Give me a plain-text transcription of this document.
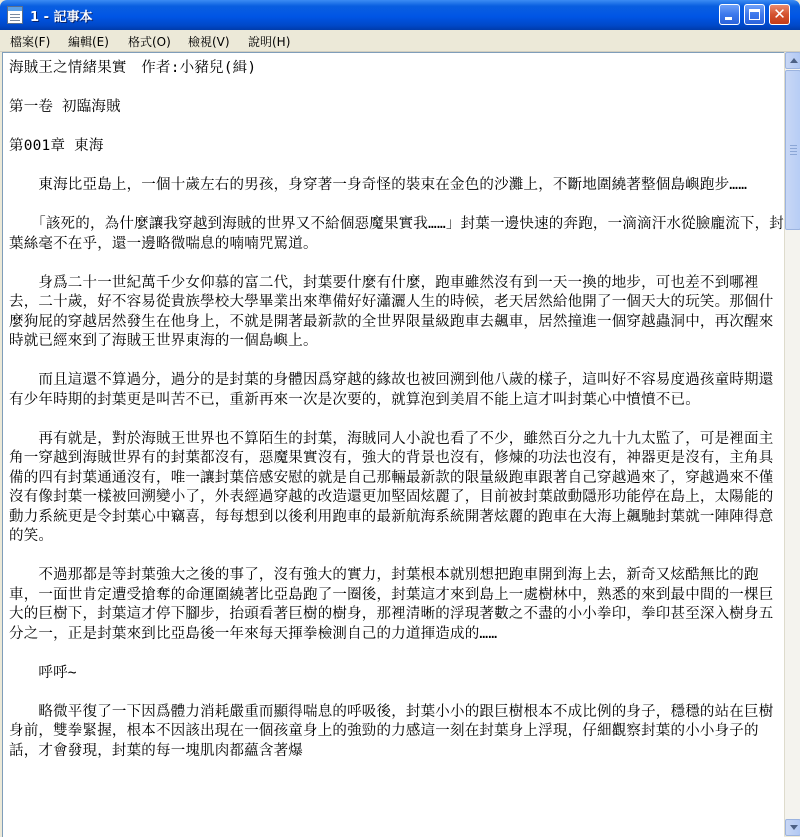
1 - 記事本	✕
檔案(F) 編輯(E) 格式(O) 檢視(V) 說明(H)

海賊王之情緒果實　作者:小豬兒(緝)

第一卷 初臨海賊

第001章 東海

　　東海比亞島上，一個十歲左右的男孩，身穿著一身奇怪的裝束在金色的沙灘上，不斷地圍繞著整個島嶼跑步……

　　「該死的，為什麼讓我穿越到海賊的世界又不給個惡魔果實我……」封葉一邊快速的奔跑，一滴滴汗水從臉龐流下，封葉絲毫不在乎，還一邊略微喘息的喃喃咒罵道。

　　身爲二十一世紀萬千少女仰慕的富二代，封葉要什麼有什麼，跑車雖然沒有到一天一換的地步，可也差不到哪裡去，二十歲，好不容易從貴族學校大學畢業出來準備好好瀟灑人生的時候，老天居然給他開了一個天大的玩笑。那個什麼狗屁的穿越居然發生在他身上，不就是開著最新款的全世界限量級跑車去飆車，居然撞進一個穿越蟲洞中，再次醒來時就已經來到了海賊王世界東海的一個島嶼上。

　　而且這還不算過分，過分的是封葉的身體因爲穿越的緣故也被回溯到他八歲的樣子，這叫好不容易度過孩童時期還有少年時期的封葉更是叫苦不已，重新再來一次是次要的，就算泡到美眉不能上這才叫封葉心中憤憤不已。

　　再有就是，對於海賊王世界也不算陌生的封葉，海賊同人小說也看了不少，雖然百分之九十九太監了，可是裡面主角一穿越到海賊世界有的封葉都沒有，惡魔果實沒有，強大的背景也沒有，修煉的功法也沒有，神器更是沒有，主角具備的四有封葉通通沒有，唯一讓封葉倍感安慰的就是自己那輛最新款的限量級跑車跟著自己穿越過來了，穿越過來不僅沒有像封葉一樣被回溯變小了，外表經過穿越的改造還更加堅固炫麗了，目前被封葉啟動隱形功能停在島上，太陽能的動力系統更是令封葉心中竊喜，每每想到以後利用跑車的最新航海系統開著炫麗的跑車在大海上飆馳封葉就一陣陣得意的笑。

　　不過那都是等封葉強大之後的事了，沒有強大的實力，封葉根本就別想把跑車開到海上去，新奇又炫酷無比的跑車，一面世肯定遭受搶奪的命運圍繞著比亞島跑了一圈後，封葉這才來到島上一處樹林中，熟悉的來到最中間的一棵巨大的巨樹下，封葉這才停下腳步，抬頭看著巨樹的樹身，那裡清晰的浮現著數之不盡的小小拳印，拳印甚至深入樹身五分之一，正是封葉來到比亞島後一年來每天揮拳檢測自己的力道揮造成的……

　　呼呼~

　　略微平復了一下因爲體力消耗嚴重而顯得喘息的呼吸後，封葉小小的跟巨樹根本不成比例的身子，穩穩的站在巨樹身前，雙拳緊握，根本不因該出現在一個孩童身上的強勁的力感這一刻在封葉身上浮現，仔細觀察封葉的小小身子的話，才會發現，封葉的每一塊肌肉都蘊含著爆
